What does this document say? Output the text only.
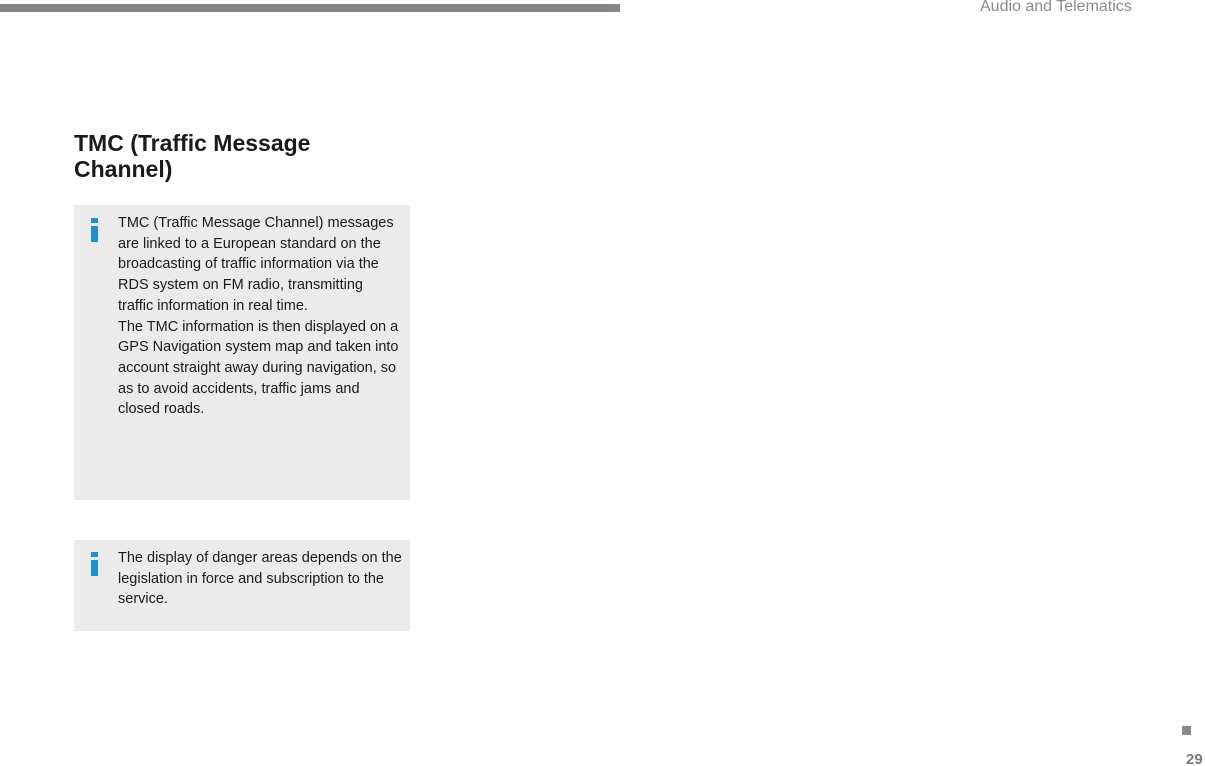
Audio and Telematics
TMC (Traffic Message Channel)

TMC (Traffic Message Channel) messages are linked to a European standard on the broadcasting of traffic information via the RDS system on FM radio, transmitting traffic information in real time.

The TMC information is then displayed on a GPS Navigation system map and taken into account straight away during navigation, so as to avoid accidents, traffic jams and closed roads.

The display of danger areas depends on the legislation in force and subscription to the service.

29
